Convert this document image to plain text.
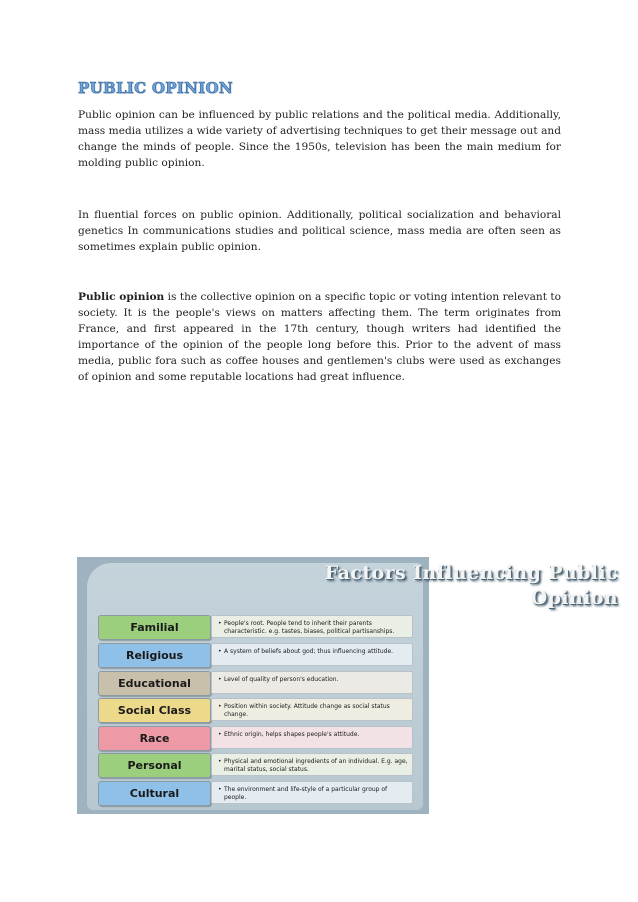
PUBLIC OPINION

Public opinion can be influenced by public relations and the political media. Additionally, mass media utilizes a wide variety of advertising techniques to get their message out and change the minds of people. Since the 1950s, television has been the main medium for molding public opinion.

In fluential forces on public opinion. Additionally, political socialization and behavioral genetics In communications studies and political science, mass media are often seen as sometimes explain public opinion.

Public opinion is the collective opinion on a specific topic or voting intention relevant to society. It is the people's views on matters affecting them. The term originates from France, and first appeared in the 17th century, though writers had identified the importance of the opinion of the people long before this. Prior to the advent of mass media, public fora such as coffee houses and gentlemen's clubs were used as exchanges of opinion and some reputable locations had great influence.

Factors Influencing Public
Opinion
Familial	• People's root. People tend to inherit their parents characteristic. e.g. tastes, biases, political partisanships.
Religious	• A system of beliefs about god; thus influencing attitude.
Educational	• Level of quality of person's education.
Social Class	• Position within society. Attitude change as social status change.
Race	• Ethnic origin, helps shapes people's attitude.
Personal	• Physical and emotional ingredients of an individual. E.g. age, marital status, social status.
Cultural	• The environment and life-style of a particular group of people.
